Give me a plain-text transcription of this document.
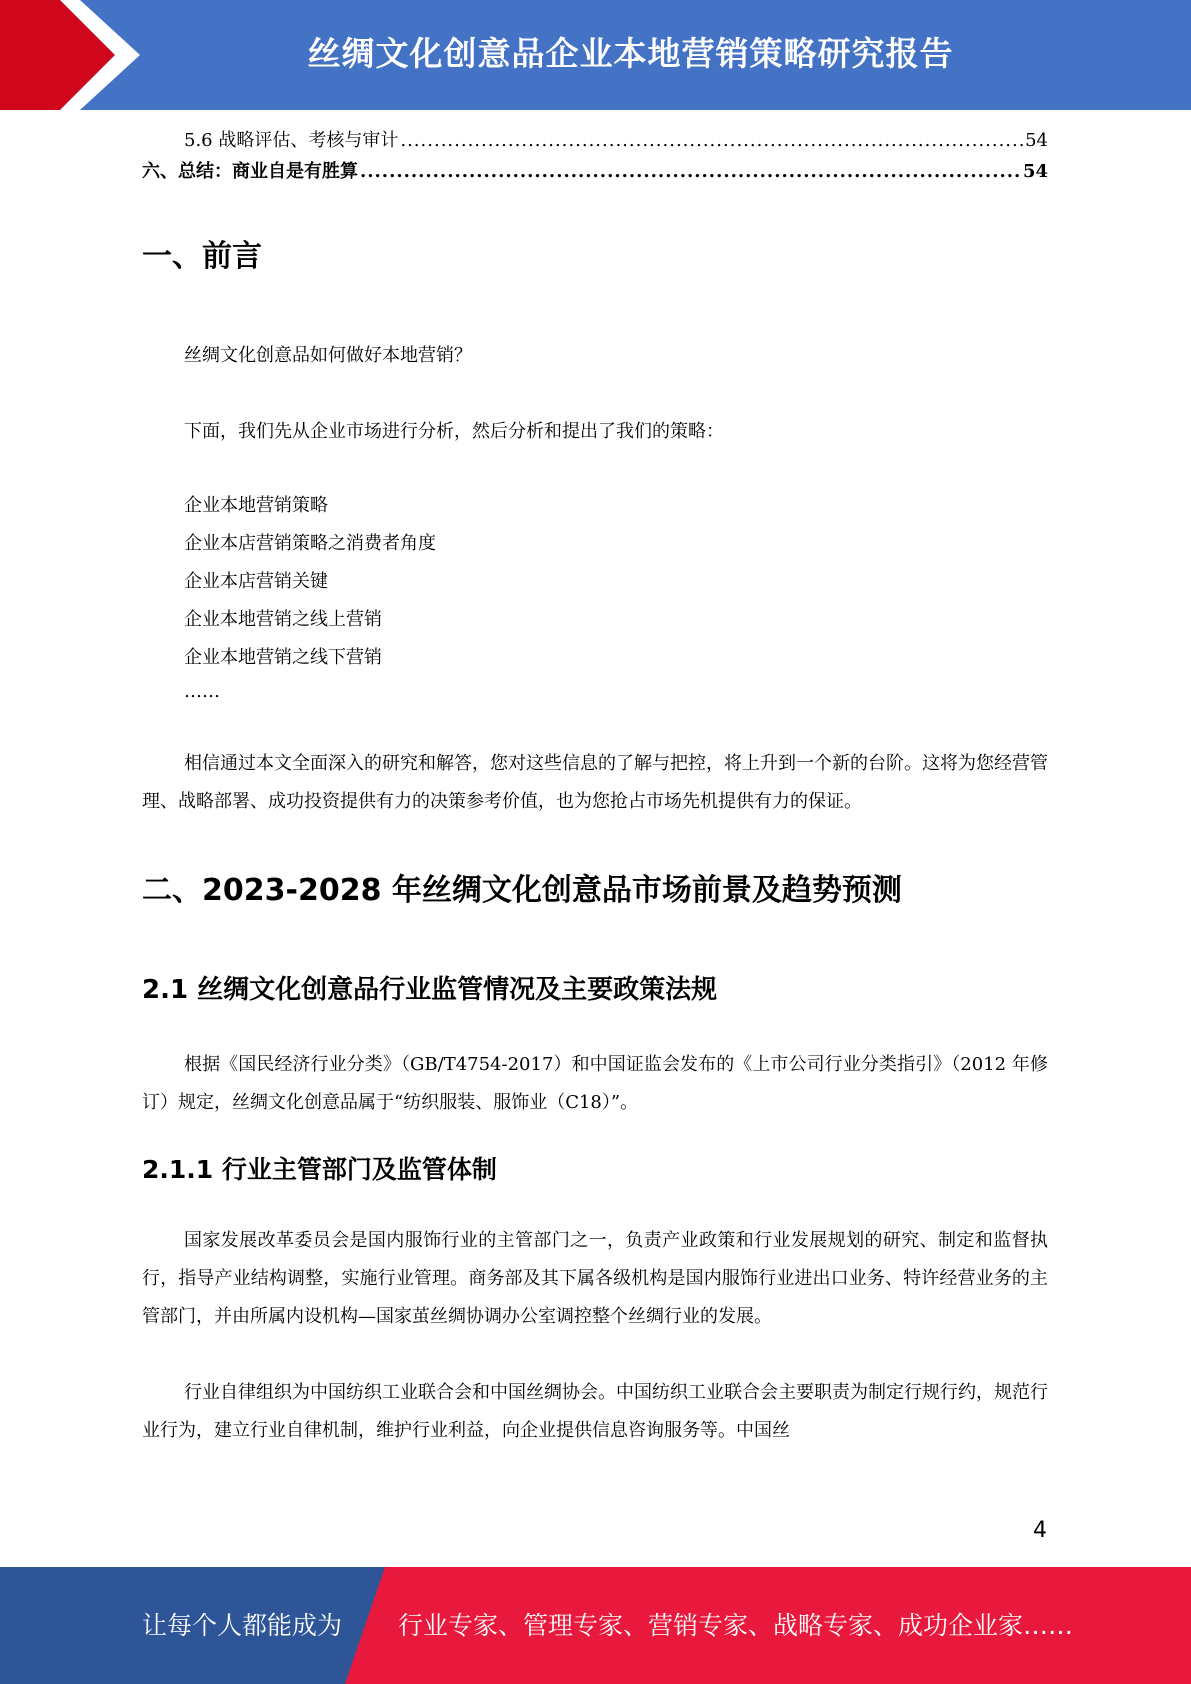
丝绸文化创意品企业本地营销策略研究报告
5.6 战略评估、考核与审计 .....	54
六、总结：商业自是有胜算 .....	54
一、前言

丝绸文化创意品如何做好本地营销？

下面，我们先从企业市场进行分析，然后分析和提出了我们的策略：

企业本地营销策略

企业本店营销策略之消费者角度

企业本店营销关键

企业本地营销之线上营销

企业本地营销之线下营销

……

相信通过本文全面深入的研究和解答，您对这些信息的了解与把控，将上升到一个新的台阶。这将为您经营管理、战略部署、成功投资提供有力的决策参考价值，也为您抢占市场先机提供有力的保证。

二、2023-2028 年丝绸文化创意品市场前景及趋势预测
2.1 丝绸文化创意品行业监管情况及主要政策法规

根据《国民经济行业分类》（GB/T4754-2017）和中国证监会发布的《上市公司行业分类指引》（2012 年修订）规定，丝绸文化创意品属于“纺织服装、服饰业（C18）”。

2.1.1 行业主管部门及监管体制

国家发展改革委员会是国内服饰行业的主管部门之一，负责产业政策和行业发展规划的研究、制定和监督执行，指导产业结构调整，实施行业管理。商务部及其下属各级机构是国内服饰行业进出口业务、特许经营业务的主管部门，并由所属内设机构—国家茧丝绸协调办公室调控整个丝绸行业的发展。

行业自律组织为中国纺织工业联合会和中国丝绸协会。中国纺织工业联合会主要职责为制定行规行约，规范行业行为，建立行业自律机制，维护行业利益，向企业提供信息咨询服务等。中国丝

4
让每个人都能成为 行业专家、管理专家、营销专家、战略专家、成功企业家……
